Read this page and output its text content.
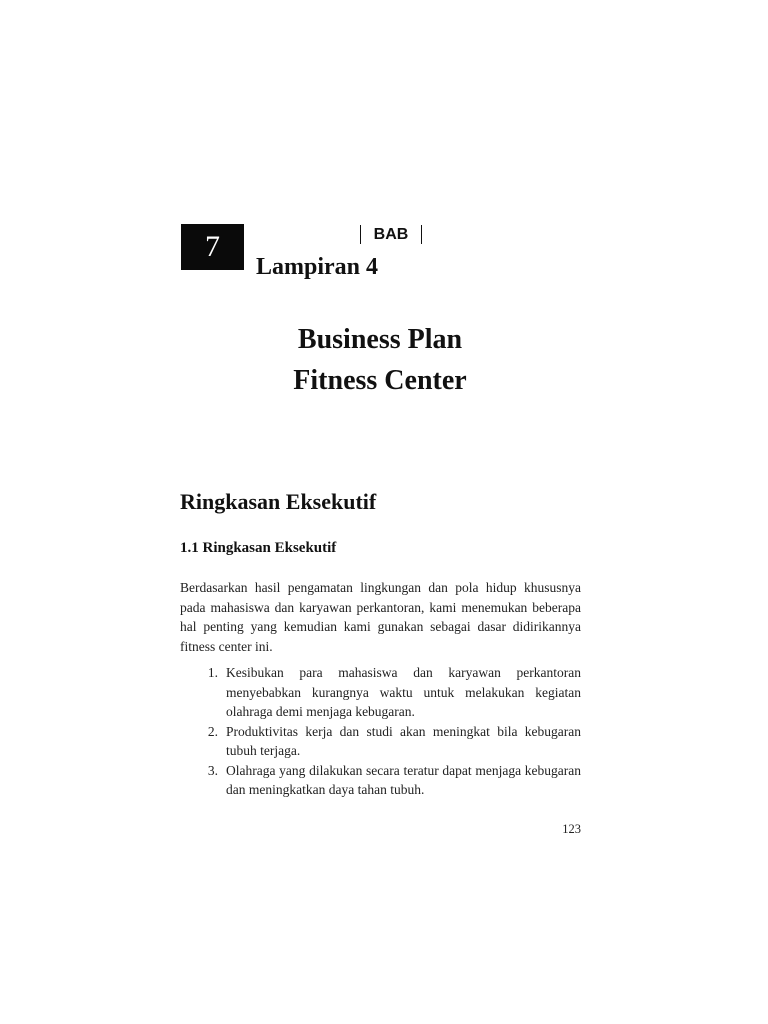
7	BAB
Lampiran 4
Business Plan
Fitness Center
Ringkasan Eksekutif
1.1 Ringkasan Eksekutif

Berdasarkan hasil pengamatan lingkungan dan pola hidup khususnya pada mahasiswa dan karyawan perkantoran, kami menemukan beberapa hal penting yang kemudian kami gunakan sebagai dasar didirikannya fitness center ini.

1. Kesibukan para mahasiswa dan karyawan perkantoran menyebabkan kurangnya waktu untuk melakukan kegiatan olahraga demi menjaga kebugaran.
2. Produktivitas kerja dan studi akan meningkat bila kebugaran tubuh terjaga.
3. Olahraga yang dilakukan secara teratur dapat menjaga kebugaran dan meningkatkan daya tahan tubuh.
123
